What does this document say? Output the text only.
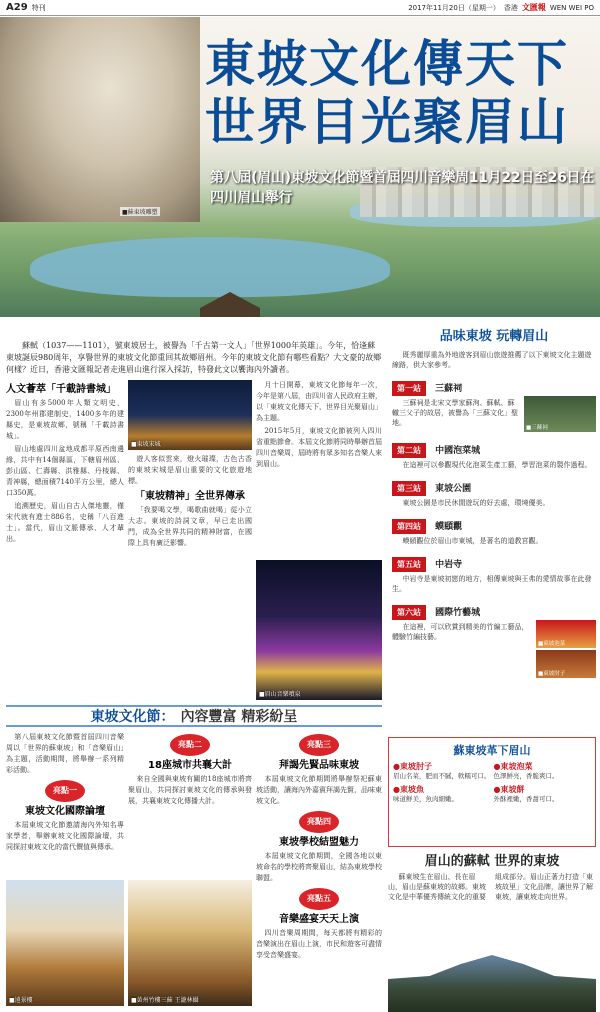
A29 特刊	2017年11月20日（星期一） 香港 文匯報 WEN WEI PO
■蘇東坡雕塑
東坡文化傳天下
世界目光聚眉山
第八屆(眉山)東坡文化節暨首屆四川音樂周11月22日至26日在四川眉山舉行

蘇軾（1037——1101），號東坡居士，被譽為「千古第一文人」「世界1000年英雄」。今年，恰逢蘇東坡誕辰980周年，享譽世界的東坡文化節重回其故鄉眉州。今年的東坡文化節有哪些看點？大文豪的故鄉何樣？近日，香港文匯報記者走進眉山進行深入採訪，特發此文以饗海內外讀者。

人文薈萃「千載詩書城」

眉山有多5000年人類文明史，2300年州郡建制史，1400多年的建縣史，是東坡故鄉，號稱「千載詩書城」。

眉山地處四川盆地成都平原西南邊緣，共中有14個縣區，下轄眉州區、彭山區、仁壽縣、洪雅縣、丹棱縣、青神縣，總面積7140平方公里，總人口350萬。

追溯歷史，眉山自古人傑地靈，僅宋代就有進士886名，史稱「八百進士」。當代，眉山文脈傳承、人才輩出。

■東坡宋城

遊人客似雲來，燈火璀璨，古色古香的東坡宋城是眉山重要的文化旅遊地標。

「東坡精神」全世界傳承

「我要喝文學，喝歌曲就喝」從小立大志。東坡的詩詞文章，早已走出國門，成為全世界共同的精神財富，在國際上具有廣泛影響。

月十日開幕，東坡文化節每年一次，今年是第八屆，由四川省人民政府主辦，以「東坡文化傳天下，世界目光聚眉山」為主題。

2015年5月，東坡文化節被列入四川省重點節會。本屆文化節將同時舉辦首屆四川音樂周，屆時將有眾多知名音樂人來到眉山。

■眉山音樂噴泉
東坡文化節： 內容豐富 精彩紛呈

第八屆東坡文化節暨首屆四川音樂周以「世界的蘇東坡」和「音樂眉山」為主題，活動期間，將舉辦一系列精彩活動。

亮點一
東坡文化國際論壇

本屆東坡文化節邀請海內外知名專家學者，舉辦東坡文化國際論壇，共同探討東坡文化的當代價值與傳承。

■遠景樓
亮點二
18座城市共襄大計

來自全國與東坡有關的18座城市將齊聚眉山，共同探討東坡文化的傳承與發展，共襄東坡文化傳播大計。

■黃州竹樓三蘇 王瀧林攝
亮點三
拜謁先賢品味東坡

本屆東坡文化節期間將舉辦祭祀蘇東坡活動，讓海內外嘉賓拜謁先賢，品味東坡文化。

亮點四
東坡學校結盟魅力

本屆東坡文化節期間，全國各地以東坡命名的學校將齊聚眉山，結為東坡學校聯盟。

亮點五
音樂盛宴天天上演

四川音樂周期間，每天都將有精彩的音樂演出在眉山上演，市民和遊客可盡情享受音樂盛宴。

品味東坡 玩轉眉山

既秀麗厚重為外地遊客到眉山旅遊推薦了以下東坡文化主題遊線路，供大家參考。

第一站 三蘇祠

三蘇祠是北宋文學家蘇洵、蘇軾、蘇轍三父子的故居，被譽為「三蘇文化」聖地。

■三蘇祠
第二站 中國泡菜城

在這裡可以參觀現代化泡菜生產工藝，學習泡菜的製作過程。

第三站 東坡公園

東坡公園是市民休閒遊玩的好去處，環境優美。

第四站 蟆頤觀

蟆頤觀位於眉山市東城，是著名的道教宮觀。

第五站 中岩寺

中岩寺是東坡初戀的地方，相傳東坡與王弗的愛情故事在此發生。

第六站 國際竹藝城

在這裡，可以欣賞到精美的竹編工藝品，體驗竹編技藝。

■東坡泡菜
■東坡肘子
蘇東坡革下眉山
●東坡肘子
眉山名菜，肥而不膩，軟糯可口。
●東坡泡菜
色澤鮮亮，香脆爽口。
●東坡魚
味道鮮美，魚肉細嫩。
●東坡餅
外酥裡嫩，香甜可口。
眉山的蘇軾 世界的東坡

蘇東坡生在眉山、長在眉山，眉山是蘇東坡的故鄉。東坡文化是中華優秀傳統文化的重要組成部分。眉山正著力打造「東坡故里」文化品牌，讓世界了解東坡，讓東坡走向世界。
